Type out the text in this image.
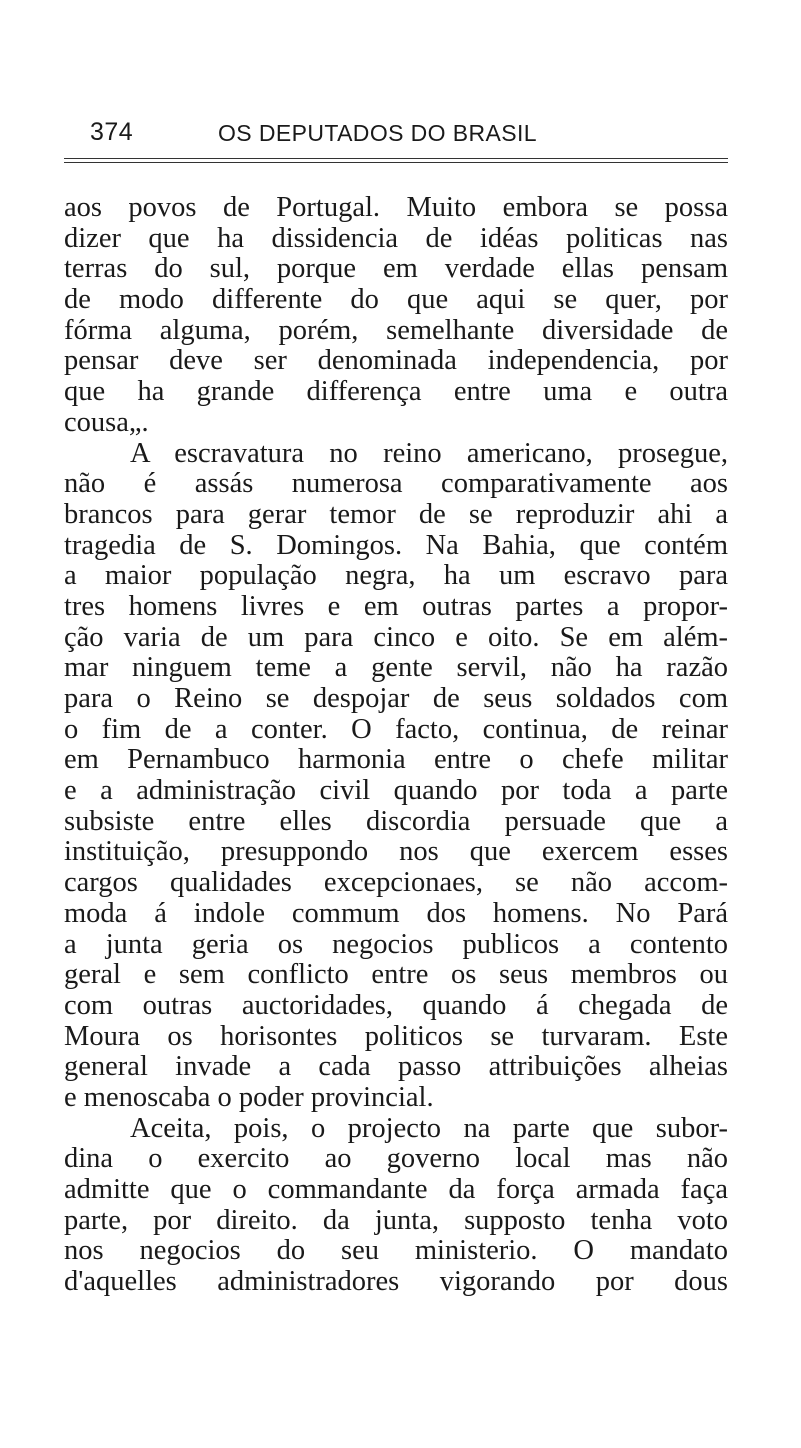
374	OS DEPUTADOS DO BRASIL
aos povos de Portugal. Muito embora se possa
dizer que ha dissidencia de idéas politicas nas
terras do sul, porque em verdade ellas pensam
de modo differente do que aqui se quer, por
fórma alguma, porém, semelhante diversidade de
pensar deve ser denominada independencia, por
que ha grande differença entre uma e outra
cousa„.
A escravatura no reino americano, prosegue,
não é assás numerosa comparativamente aos
brancos para gerar temor de se reproduzir ahi a
tragedia de S. Domingos. Na Bahia, que contém
a maior população negra, ha um escravo para
tres homens livres e em outras partes a propor-
ção varia de um para cinco e oito. Se em além-
mar ninguem teme a gente servil, não ha razão
para o Reino se despojar de seus soldados com
o fim de a conter. O facto, continua, de reinar
em Pernambuco harmonia entre o chefe militar
e a administração civil quando por toda a parte
subsiste entre elles discordia persuade que a
instituição, presuppondo nos que exercem esses
cargos qualidades excepcionaes, se não accom-
moda á indole commum dos homens. No Pará
a junta geria os negocios publicos a contento
geral e sem conflicto entre os seus membros ou
com outras auctoridades, quando á chegada de
Moura os horisontes politicos se turvaram. Este
general invade a cada passo attribuições alheias
e menoscaba o poder provincial.
Aceita, pois, o projecto na parte que subor-
dina o exercito ao governo local mas não
admitte que o commandante da força armada faça
parte, por direito. da junta, supposto tenha voto
nos negocios do seu ministerio. O mandato
d'aquelles administradores vigorando por dous
